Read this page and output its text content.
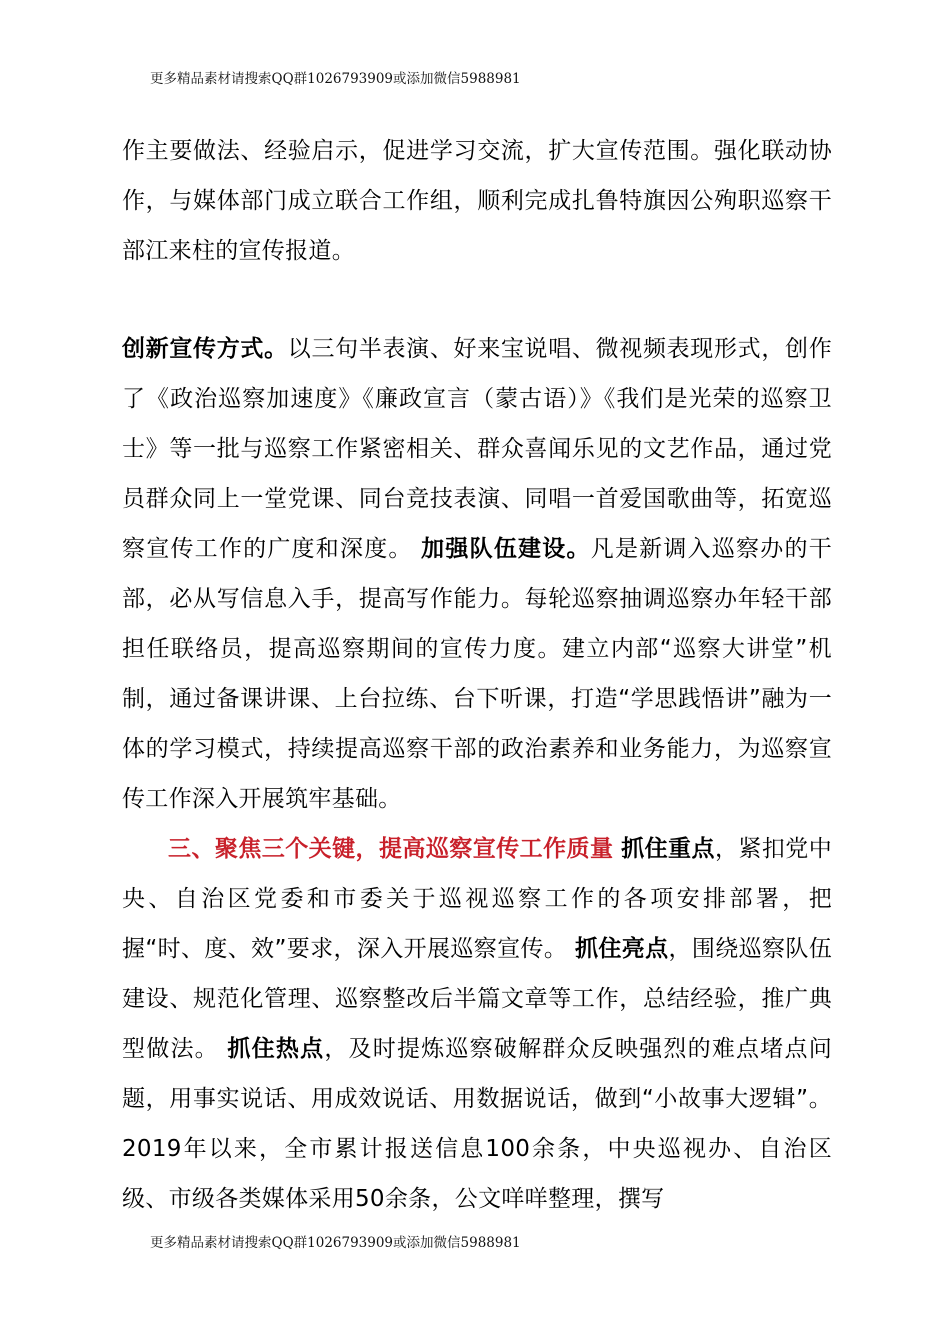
更多精品素材请搜索QQ群1026793909或添加微信5988981

作主要做法、经验启示，促进学习交流，扩大宣传范围。强化联动协作，与媒体部门成立联合工作组，顺利完成扎鲁特旗因公殉职巡察干部江来柱的宣传报道。

创新宣传方式。以三句半表演、好来宝说唱、微视频表现形式，创作了《政治巡察加速度》《廉政宣言（蒙古语）》《我们是光荣的巡察卫士》等一批与巡察工作紧密相关、群众喜闻乐见的文艺作品，通过党员群众同上一堂党课、同台竞技表演、同唱一首爱国歌曲等，拓宽巡察宣传工作的广度和深度。 加强队伍建设。凡是新调入巡察办的干部，必从写信息入手，提高写作能力。每轮巡察抽调巡察办年轻干部担任联络员，提高巡察期间的宣传力度。建立内部“巡察大讲堂”机制，通过备课讲课、上台拉练、台下听课，打造“学思践悟讲”融为一体的学习模式，持续提高巡察干部的政治素养和业务能力，为巡察宣传工作深入开展筑牢基础。

三、聚焦三个关键，提高巡察宣传工作质量 抓住重点，紧扣党中央、自治区党委和市委关于巡视巡察工作的各项安排部署，把握“时、度、效”要求，深入开展巡察宣传。 抓住亮点，围绕巡察队伍建设、规范化管理、巡察整改后半篇文章等工作，总结经验，推广典型做法。 抓住热点，及时提炼巡察破解群众反映强烈的难点堵点问题，用事实说话、用成效说话、用数据说话，做到“小故事大逻辑”。 2019年以来，全市累计报送信息100余条，中央巡视办、自治区级、市级各类媒体采用50余条，公文咩咩整理，撰写

更多精品素材请搜索QQ群1026793909或添加微信5988981
